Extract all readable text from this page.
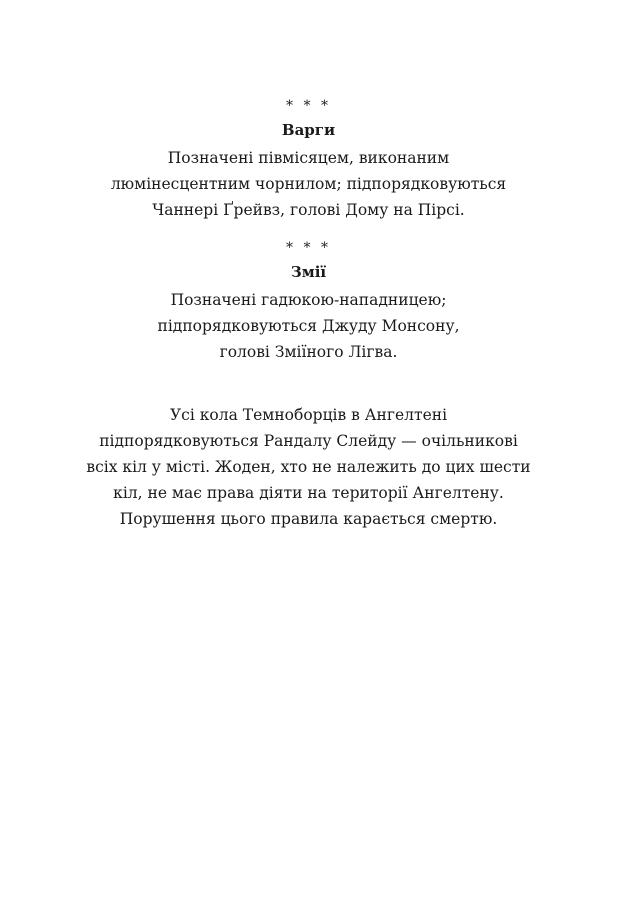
* * *
Варги
Позначені півмісяцем, виконаним
люмінесцентним чорнилом; підпорядковуються
Чаннері Ґрейвз, голові Дому на Пірсі.
* * *
Змії
Позначені гадюкою-нападницею;
підпорядковуються Джуду Монсону,
голові Зміїного Лігва.
Усі кола Темноборців в Ангелтені
підпорядковуються Рандалу Слейду — очільникові
всіх кіл у місті. Жоден, хто не належить до цих шести
кіл, не має права діяти на території Ангелтену.
Порушення цього правила карається смертю.
